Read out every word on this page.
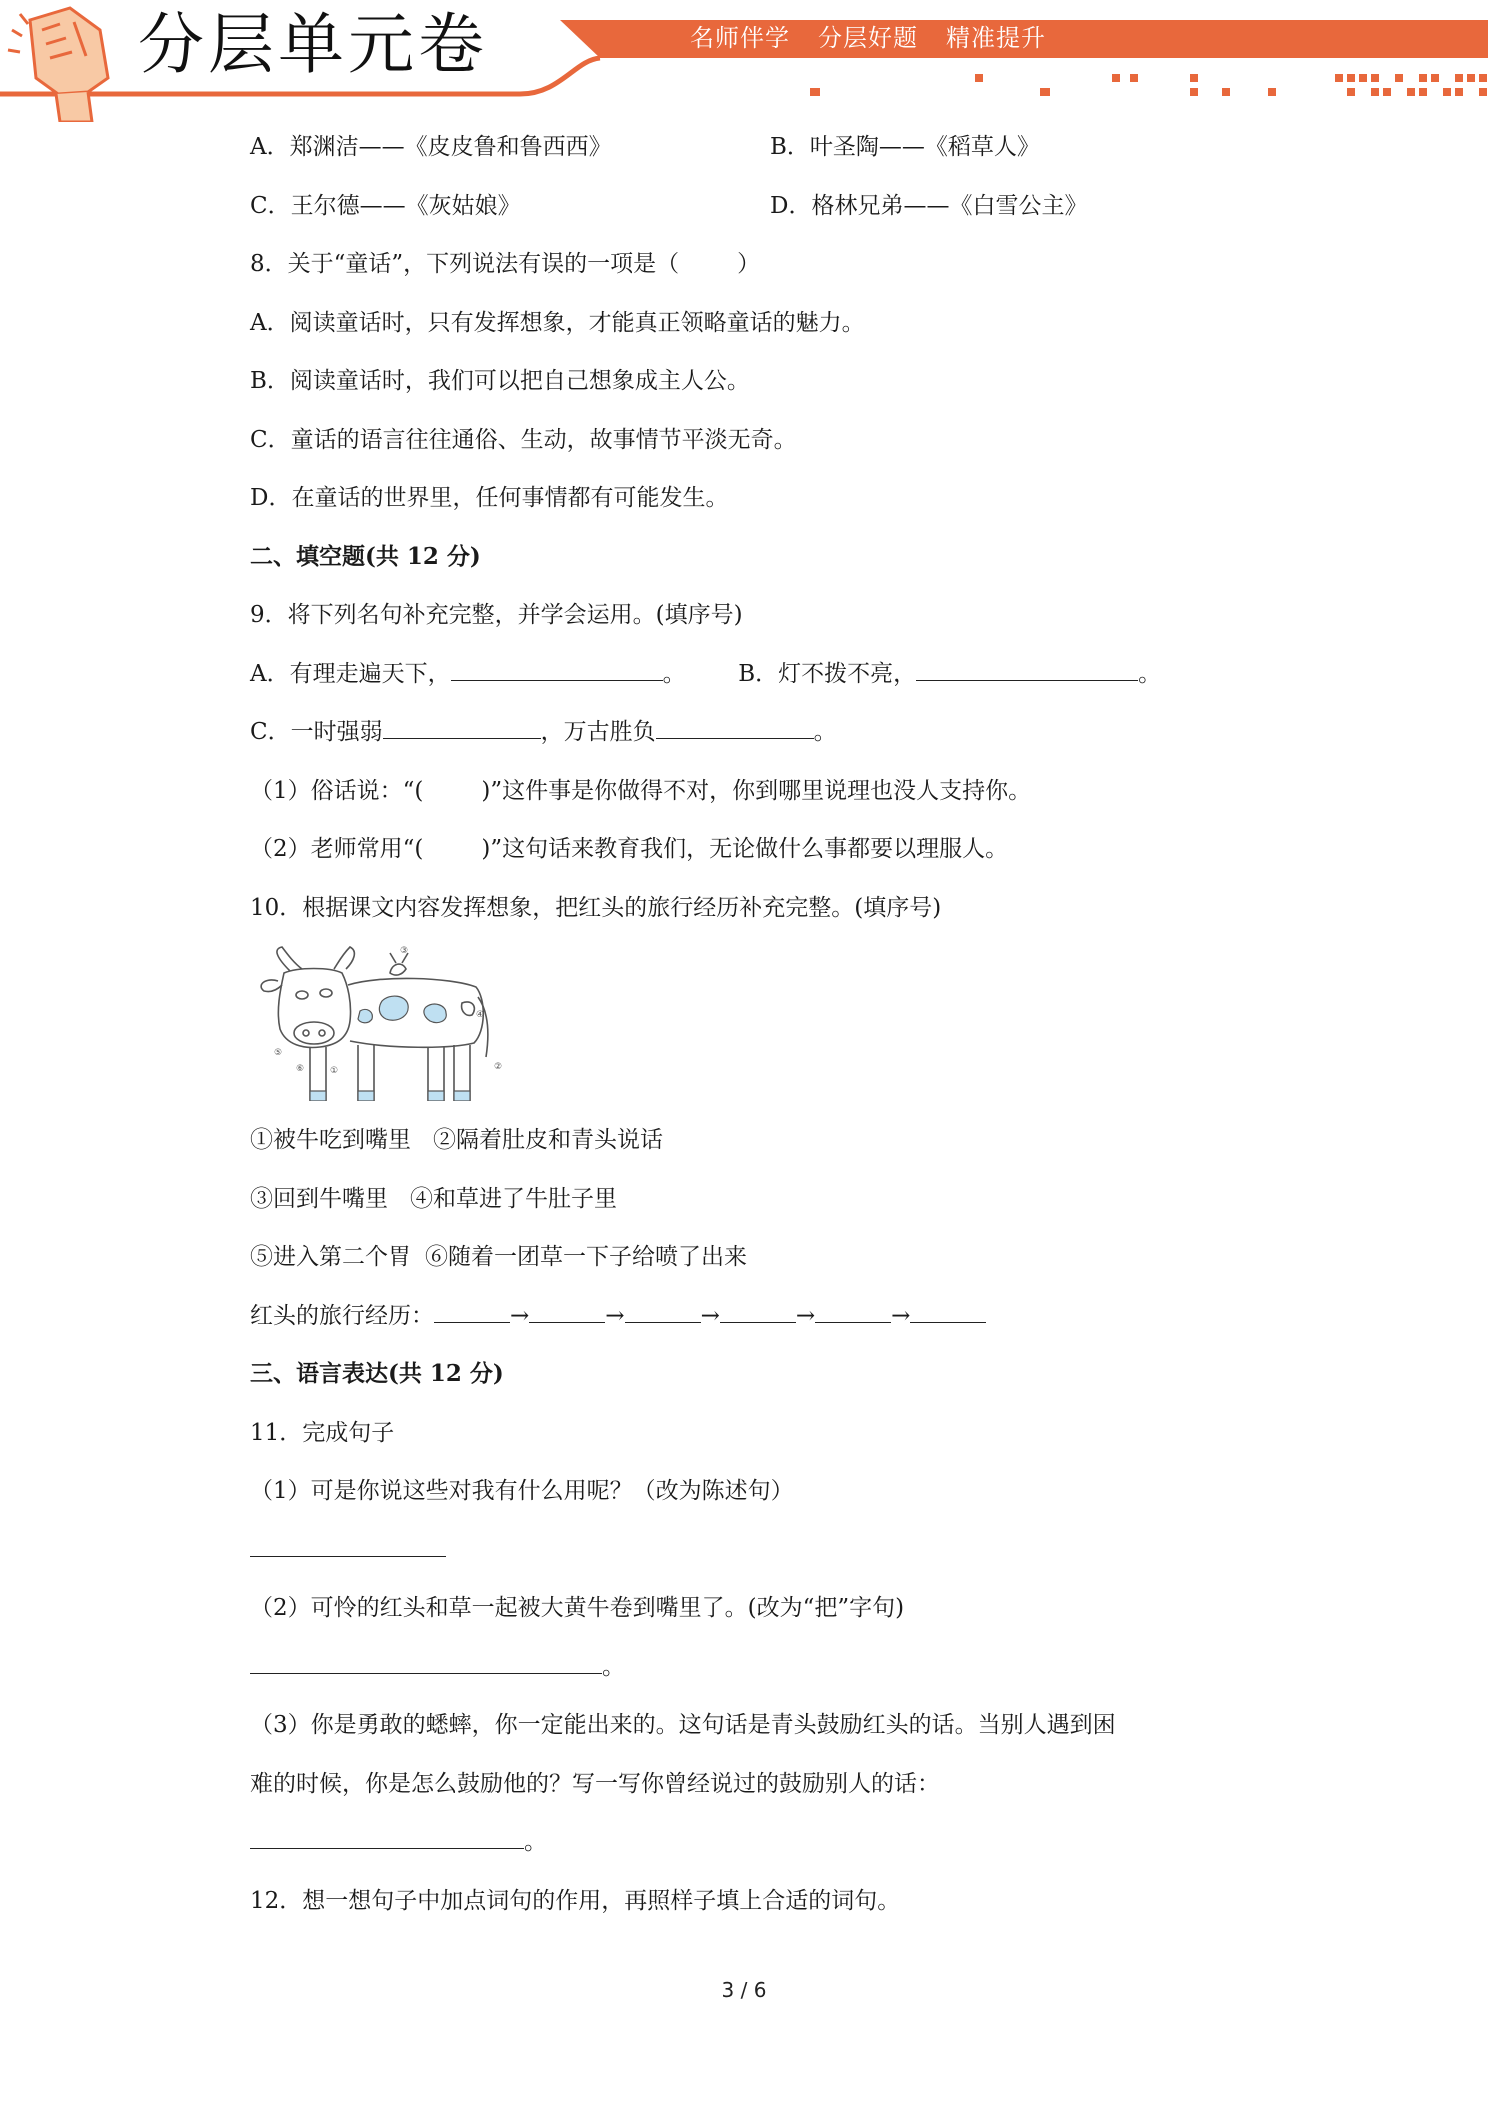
分层单元卷	名师伴学 分层好题 精准提升
A．郑渊洁——《皮皮鲁和鲁西西》	B．叶圣陶——《稻草人》
C．王尔德——《灰姑娘》	D．格林兄弟——《白雪公主》
8．关于“童话”，下列说法有误的一项是（	）
A．阅读童话时，只有发挥想象，才能真正领略童话的魅力。
B．阅读童话时，我们可以把自己想象成主人公。
C．童话的语言往往通俗、生动，故事情节平淡无奇。
D．在童话的世界里，任何事情都有可能发生。
二、填空题(共 12 分)
9．将下列名句补充完整，并学会运用。(填序号)
A．有理走遍天下，	。 B．灯不拨不亮，	。
C．一时强弱	，万古胜负	。
（1）俗话说：“(	)”这件事是你做得不对，你到哪里说理也没人支持你。
（2）老师常用“(	)”这句话来教育我们，无论做什么事都要以理服人。
10．根据课文内容发挥想象，把红头的旅行经历补充完整。(填序号)
③
④
⑤
①
⑥	②
①被牛吃到嘴里 ②隔着肚皮和青头说话
③回到牛嘴里 ④和草进了牛肚子里
⑤进入第二个胃 ⑥随着一团草一下子给喷了出来
红头的旅行经历：	→	→	→	→	→
三、语言表达(共 12 分)
11．完成句子
（1）可是你说这些对我有什么用呢？（改为陈述句）
（2）可怜的红头和草一起被大黄牛卷到嘴里了。(改为“把”字句)
。
（3）你是勇敢的蟋蟀，你一定能出来的。这句话是青头鼓励红头的话。当别人遇到困
难的时候，你是怎么鼓励他的？写一写你曾经说过的鼓励别人的话：
。
12．想一想句子中加点词句的作用，再照样子填上合适的词句。
3 / 6
